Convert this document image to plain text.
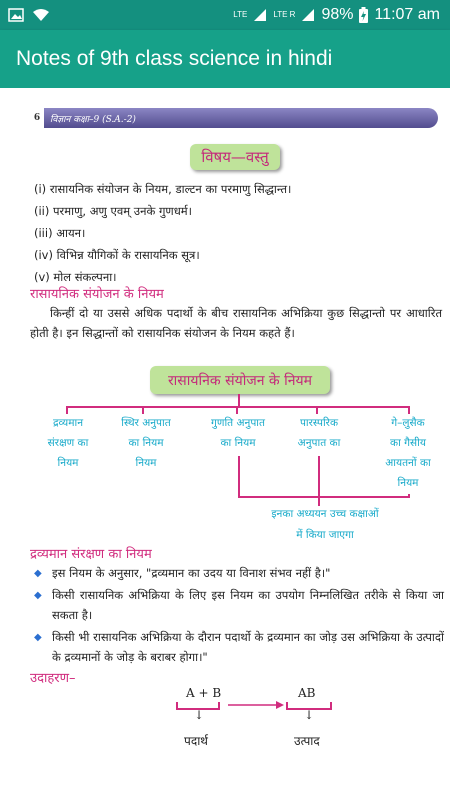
LTE	LTE R 98% 11:07 am
Notes of 9th class science in hindi
6	विज्ञान कक्षा–9 (S.A.-2)
विषय—वस्तु
(i) रासायनिक संयोजन के नियम, डाल्टन का परमाणु सिद्धान्त।
(ii) परमाणु, अणु एवम् उनके गुणधर्म।
(iii) आयन।
(iv) विभिन्न यौगिकों के रासायनिक सूत्र।
(v) मोल संकल्पना।
रासायनिक संयोजन के नियम
किन्हीं दो या उससे अधिक पदार्थो के बीच रासायनिक अभिक्रिया कुछ सिद्धान्तो पर आधारित होती है। इन सिद्धान्तों को रासायनिक संयोजन के नियम कहते हैं।
रासायनिक संयोजन के नियम
द्रव्यमान
संरक्षण का
नियम
स्थिर अनुपात
का नियम
नियम
गुणति अनुपात
का नियम
पारस्परिक
अनुपात का
गे–लुसैक
का गैसीय
आयतनों का
नियम
इनका अध्ययन उच्च कक्षाओं
में किया जाएगा
द्रव्यमान संरक्षण का नियम
◆ इस नियम के अनुसार, "द्रव्यमान का उदय या विनाश संभव नहीं है।"
◆ किसी रासायनिक अभिक्रिया के लिए इस नियम का उपयोग निम्नलिखित तरीके से किया जा सकता है।
◆ किसी भी रासायनिक अभिक्रिया के दौरान पदार्थो के द्रव्यमान का जोड़ उस अभिक्रिया के उत्पादों के द्रव्यमानों के जोड़ के बराबर होगा।"
उदाहरण–
A + B
↓
AB
↓
पदार्थ	उत्पाद
